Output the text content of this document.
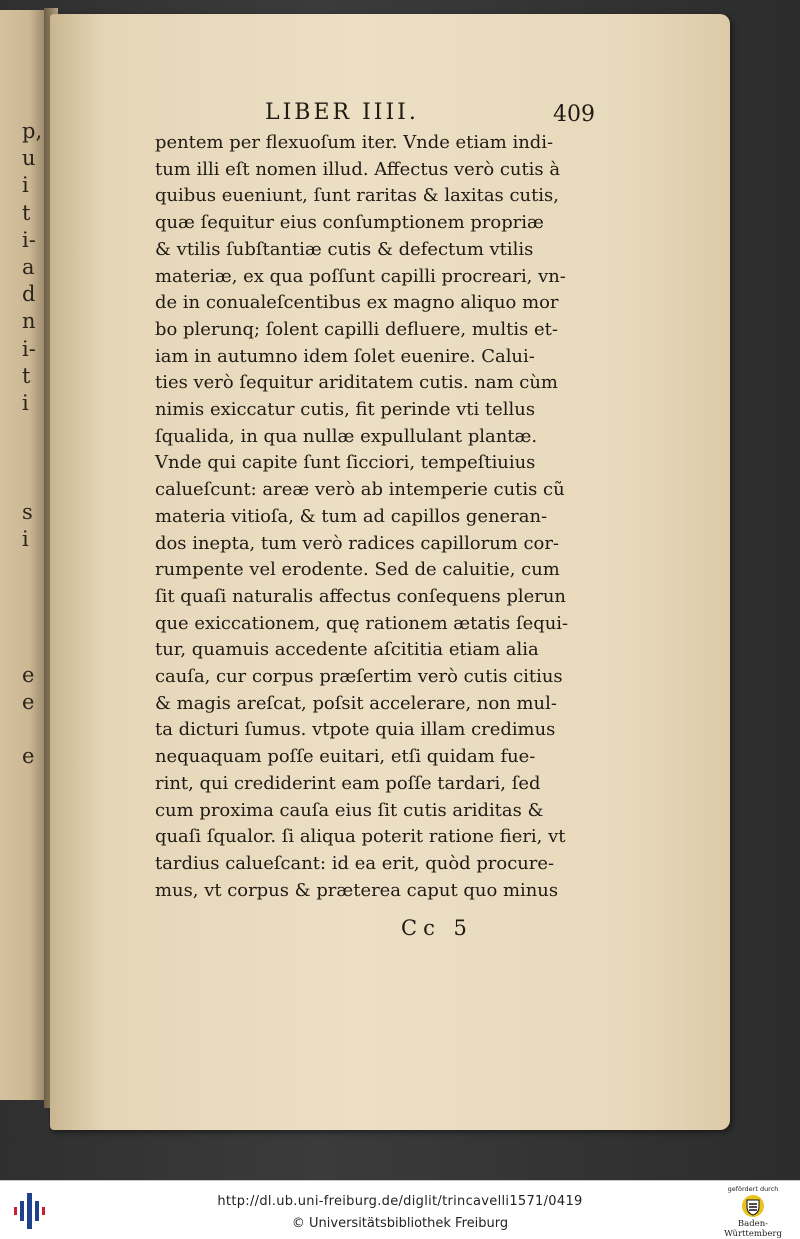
p,
u
i
t
i-
a
d
n
i-
t
i
s
i
e
e
e
LIBER IIII.	409
pentem per flexuoſum iter. Vnde etiam indi-
tum illi eſt nomen illud. Affectus verò cutis à
quibus eueniunt, ſunt raritas & laxitas cutis,
quæ ſequitur eius conſumptionem propriæ
& vtilis ſubſtantiæ cutis & defectum vtilis
materiæ, ex qua poſſunt capilli procreari, vn-
de in conualeſcentibus ex magno aliquo mor
bo plerunq; ſolent capilli defluere, multis et-
iam in autumno idem ſolet euenire. Calui-
ties verò ſequitur ariditatem cutis. nam cùm
nimis exiccatur cutis, fit perinde vti tellus
ſqualida, in qua nullæ expullulant plantæ.
Vnde qui capite ſunt ſicciori, tempeſtiuius
calueſcunt: areæ verò ab intemperie cutis cũ
materia vitioſa, & tum ad capillos generan-
dos inepta, tum verò radices capillorum cor-
rumpente vel erodente. Sed de caluitie, cum
ſit quaſi naturalis affectus conſequens plerun
que exiccationem, quę rationem ætatis ſequi-
tur, quamuis accedente aſcititia etiam alia
cauſa, cur corpus præſertim verò cutis citius
& magis areſcat, poſsit accelerare, non mul-
ta dicturi ſumus. vtpote quia illam credimus
nequaquam poſſe euitari, etſi quidam fue-
rint, qui crediderint eam poſſe tardari, ſed
cum proxima cauſa eius ſit cutis ariditas &
quaſi ſqualor. ſi aliqua poterit ratione fieri, vt
tardius calueſcant: id ea erit, quòd procure-
mus, vt corpus & præterea caput quo minus
Cc 5
http://dl.ub.uni-freiburg.de/diglit/trincavelli1571/0419
© Universitätsbibliothek Freiburg
gefördert durch
Baden-Württemberg
